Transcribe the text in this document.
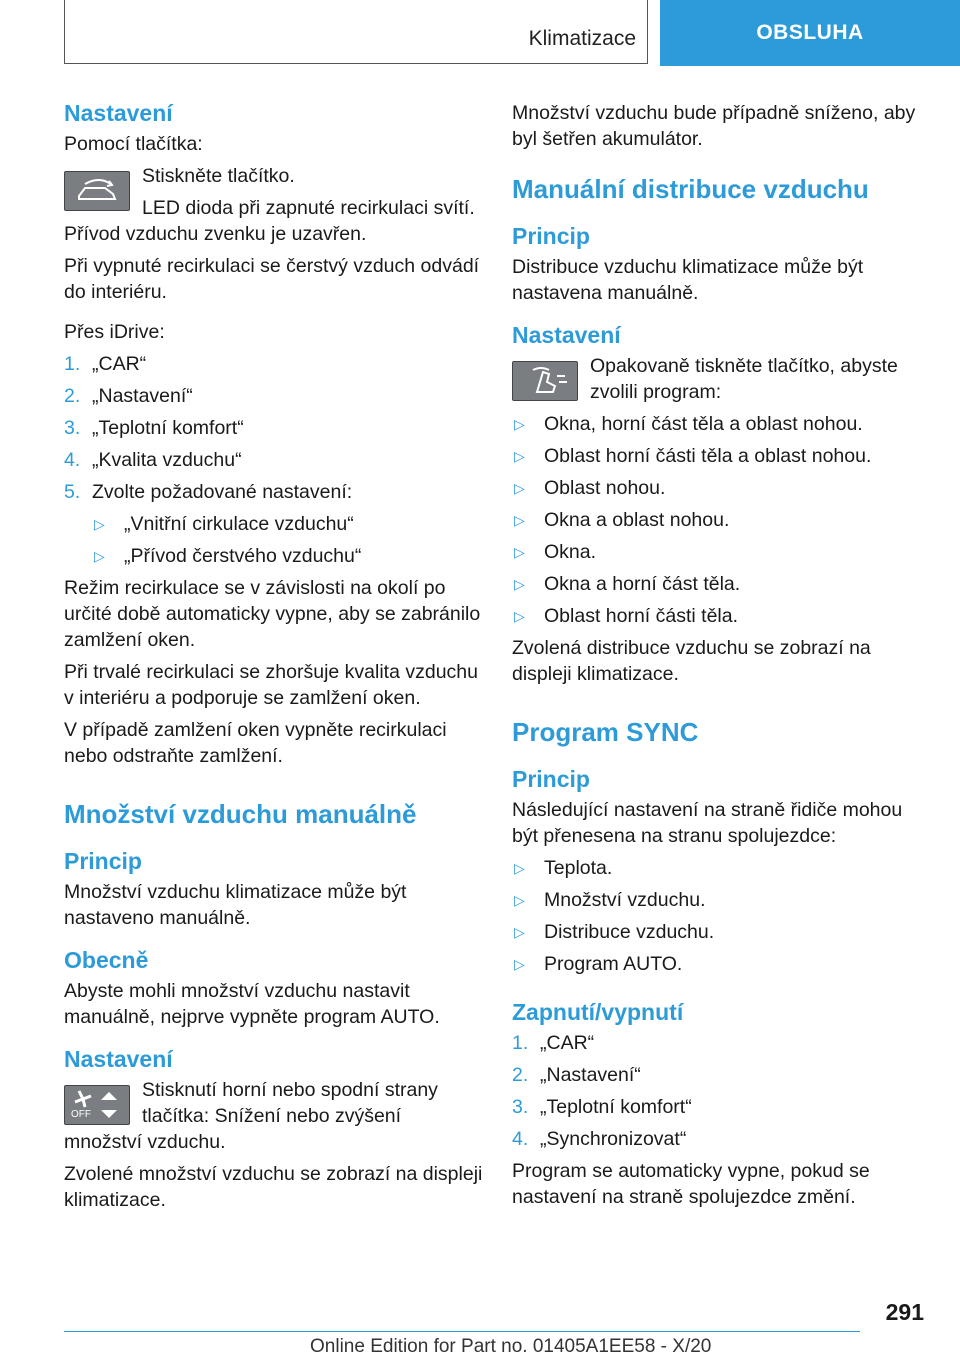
Klimatizace	OBSLUHA
Nastavení

Pomocí tlačítka:

Stiskněte tlačítko.

LED dioda při zapnuté recirkulaci svítí. Přívod vzduchu zvenku je uzavřen.

Při vypnuté recirkulaci se čerstvý vzduch odvádí do interiéru.

Přes iDrive:

1. „CAR“
2. „Nastavení“
3. „Teplotní komfort“
4. „Kvalita vzduchu“
5. Zvolte požadované nastavení:
▷ „Vnitřní cirkulace vzduchu“
▷ „Přívod čerstvého vzduchu“

Režim recirkulace se v závislosti na okolí po určité době automaticky vypne, aby se zabránilo zamlžení oken.

Při trvalé recirkulaci se zhoršuje kvalita vzduchu v interiéru a podporuje se zamlžení oken.

V případě zamlžení oken vypněte recirkulaci nebo odstraňte zamlžení.

Množství vzduchu manuálně
Princip

Množství vzduchu klimatizace může být nastaveno manuálně.

Obecně

Abyste mohli množství vzduchu nastavit manuálně, nejprve vypněte program AUTO.

Nastavení
OFF

Stisknutí horní nebo spodní strany tlačítka: Snížení nebo zvýšení množství vzduchu.

Zvolené množství vzduchu se zobrazí na displeji klimatizace.

Množství vzduchu bude případně sníženo, aby byl šetřen akumulátor.

Manuální distribuce vzduchu
Princip

Distribuce vzduchu klimatizace může být nastavena manuálně.

Nastavení

Opakovaně tiskněte tlačítko, abyste zvolili program:

▷ Okna, horní část těla a oblast nohou.
▷ Oblast horní části těla a oblast nohou.
▷ Oblast nohou.
▷ Okna a oblast nohou.
▷ Okna.
▷ Okna a horní část těla.
▷ Oblast horní části těla.

Zvolená distribuce vzduchu se zobrazí na displeji klimatizace.

Program SYNC
Princip

Následující nastavení na straně řidiče mohou být přenesena na stranu spolujezdce:

▷ Teplota.
▷ Množství vzduchu.
▷ Distribuce vzduchu.
▷ Program AUTO.
Zapnutí/vypnutí
1. „CAR“
2. „Nastavení“
3. „Teplotní komfort“
4. „Synchronizovat“

Program se automaticky vypne, pokud se nastavení na straně spolujezdce změní.

291
Online Edition for Part no. 01405A1EE58 - X/20
